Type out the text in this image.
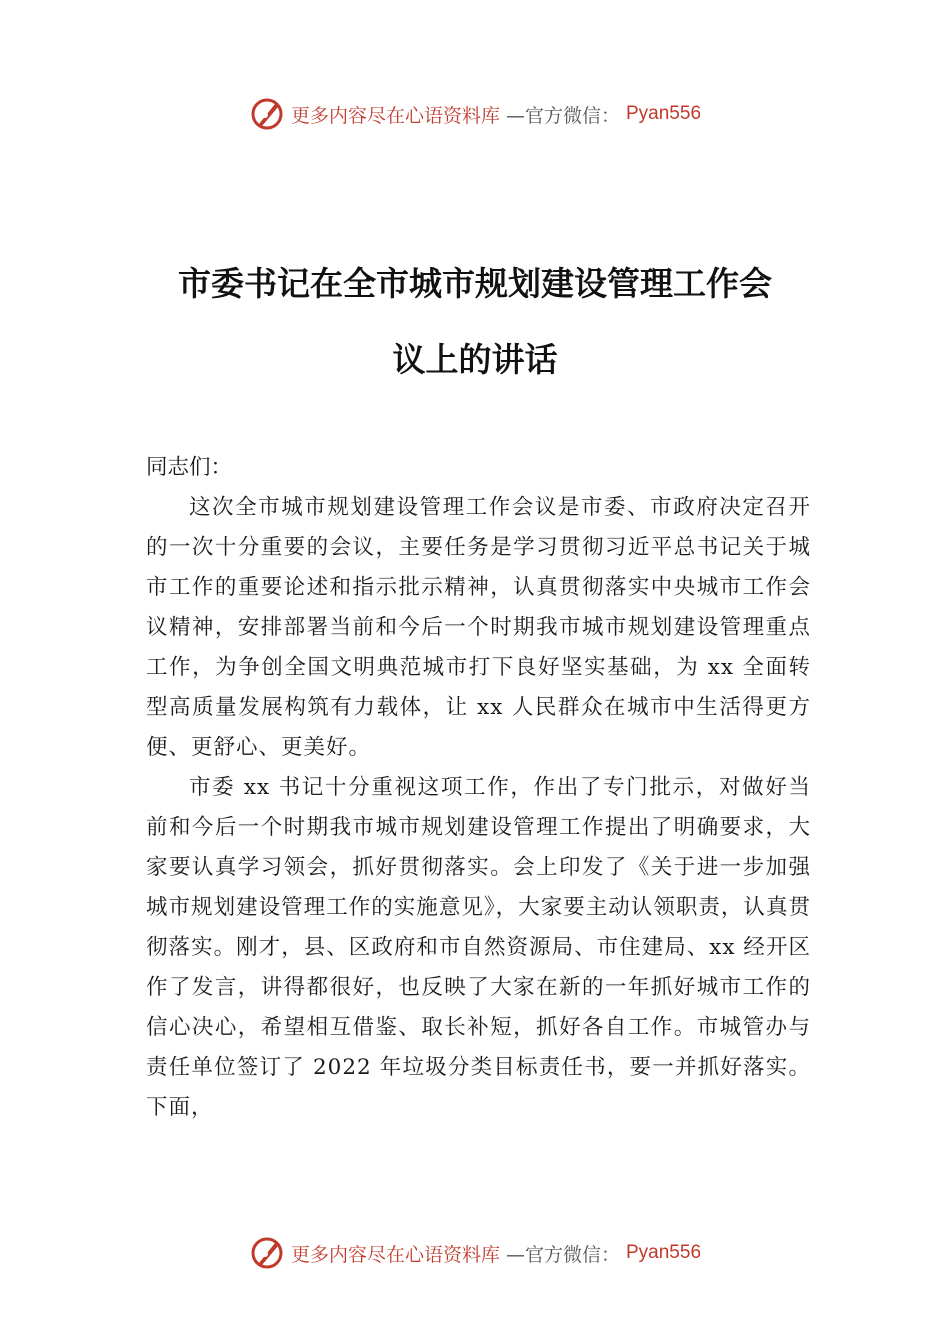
更多内容尽在心语资料库 —官方微信： Pyan556
市委书记在全市城市规划建设管理工作会
议上的讲话

同志们：

这次全市城市规划建设管理工作会议是市委、市政府决定召开的一次十分重要的会议，主要任务是学习贯彻习近平总书记关于城市工作的重要论述和指示批示精神，认真贯彻落实中央城市工作会议精神，安排部署当前和今后一个时期我市城市规划建设管理重点工作，为争创全国文明典范城市打下良好坚实基础，为 xx 全面转型高质量发展构筑有力载体，让 xx 人民群众在城市中生活得更方便、更舒心、更美好。

市委 xx 书记十分重视这项工作，作出了专门批示，对做好当前和今后一个时期我市城市规划建设管理工作提出了明确要求，大家要认真学习领会，抓好贯彻落实。会上印发了《关于进一步加强城市规划建设管理工作的实施意见》，大家要主动认领职责，认真贯彻落实。刚才，县、区政府和市自然资源局、市住建局、xx 经开区作了发言，讲得都很好，也反映了大家在新的一年抓好城市工作的信心决心，希望相互借鉴、取长补短，抓好各自工作。市城管办与责任单位签订了 2022 年垃圾分类目标责任书，要一并抓好落实。下面，

更多内容尽在心语资料库 —官方微信： Pyan556
